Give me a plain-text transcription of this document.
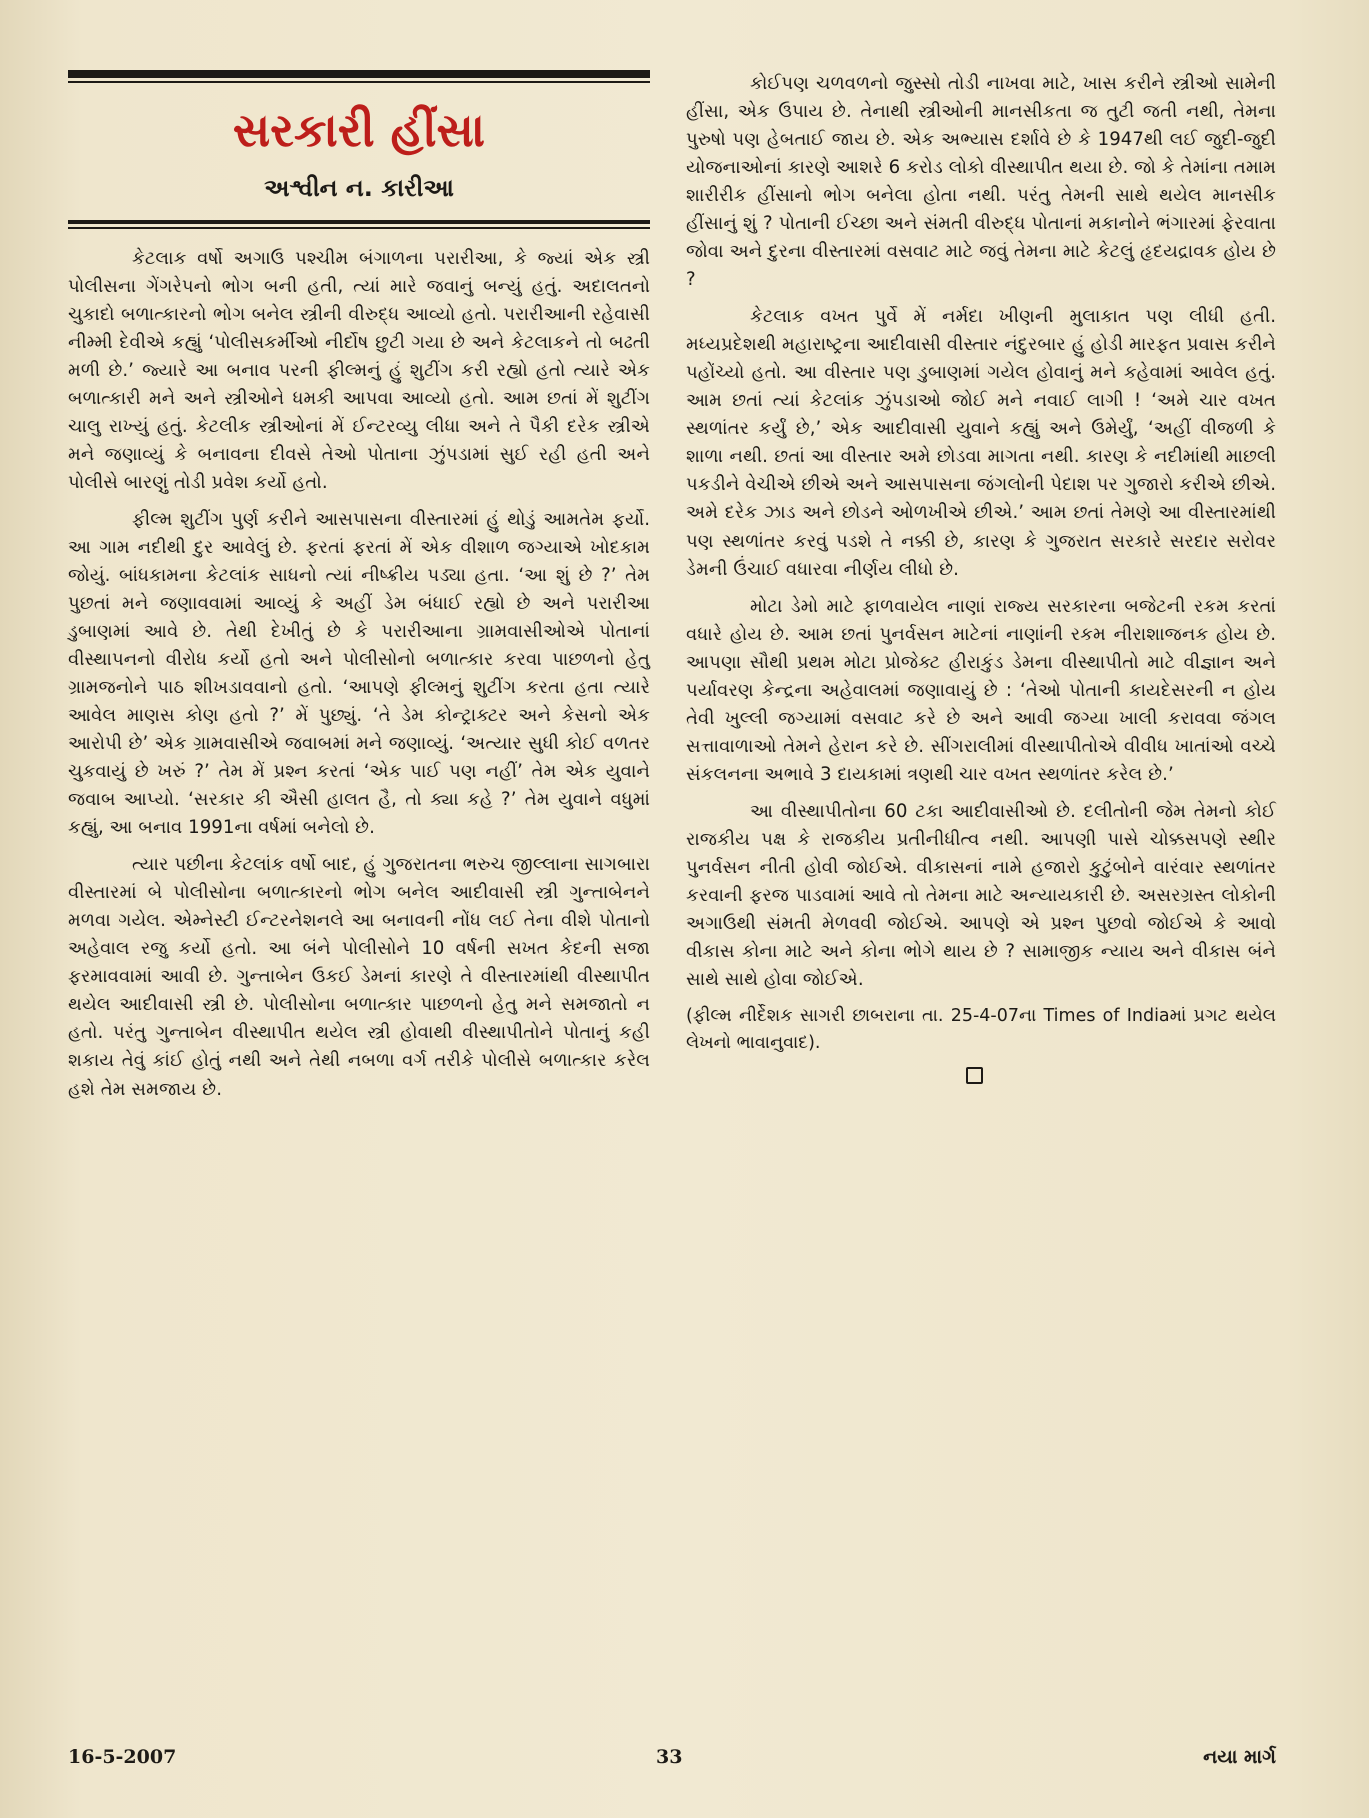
સરકારી હીંસા
અશ્વીન ન. કારીઆ

કેટલાક વર્ષો અગાઉ પશ્ચીમ બંગાળના પરારીઆ, કે જ્યાં એક સ્ત્રી પોલીસના ગેંગરેપનો ભોગ બની હતી, ત્યાં મારે જવાનું બન્યું હતું. અદાલતનો ચુકાદો બળાત્કારનો ભોગ બનેલ સ્ત્રીની વીરુદ્ધ આવ્યો હતો. પરારીઆની રહેવાસી નીમ્મી દેવીએ કહ્યું ‘પોલીસકર્મીઓ નીર્દોષ છુટી ગયા છે અને કેટલાકને તો બઢતી મળી છે.’ જ્યારે આ બનાવ પરની ફીલ્મનું હું શુટીંગ કરી રહ્યો હતો ત્યારે એક બળાત્કારી મને અને સ્ત્રીઓને ધમકી આપવા આવ્યો હતો. આમ છતાં મેં શુટીંગ ચાલુ રાખ્યું હતું. કેટલીક સ્ત્રીઓનાં મેં ઈન્ટરવ્યુ લીધા અને તે પૈકી દરેક સ્ત્રીએ મને જણાવ્યું કે બનાવના દીવસે તેઓ પોતાના ઝુંપડામાં સુઈ રહી હતી અને પોલીસે બારણું તોડી પ્રવેશ કર્યો હતો.

ફીલ્મ શુટીંગ પુર્ણ કરીને આસપાસના વીસ્તારમાં હું થોડું આમતેમ ફર્યો. આ ગામ નદીથી દુર આવેલું છે. ફરતાં ફરતાં મેં એક વીશાળ જગ્યાએ ખોદકામ જોયું. બાંધકામના કેટલાંક સાધનો ત્યાં નીષ્ક્રીય પડ્યા હતા. ‘આ શું છે ?’ તેમ પુછતાં મને જણાવવામાં આવ્યું કે અહીં ડેમ બંધાઈ રહ્યો છે અને પરારીઆ ડુબાણમાં આવે છે. તેથી દેખીતું છે કે પરારીઆના ગ્રામવાસીઓએ પોતાનાં વીસ્થાપનનો વીરોધ કર્યો હતો અને પોલીસોનો બળાત્કાર કરવા પાછળનો હેતુ ગ્રામજનોને પાઠ શીખડાવવાનો હતો. ‘આપણે ફીલ્મનું શુટીંગ કરતા હતા ત્યારે આવેલ માણસ કોણ હતો ?’ મેં પુછ્યું. ‘તે ડેમ કોન્ટ્રાક્ટર અને કેસનો એક આરોપી છે’ એક ગ્રામવાસીએ જવાબમાં મને જણાવ્યું. ‘અત્યાર સુધી કોઈ વળતર ચુકવાયું છે ખરું ?’ તેમ મેં પ્રશ્ન કરતાં ‘એક પાઈ પણ નહીં’ તેમ એક યુવાને જવાબ આપ્યો. ‘સરકાર કી ઐસી હાલત હૈ, તો ક્યા કહે ?’ તેમ યુવાને વધુમાં કહ્યું, આ બનાવ 1991ના વર્ષમાં બનેલો છે.

ત્યાર પછીના કેટલાંક વર્ષો બાદ, હું ગુજરાતના ભરુચ જીલ્લાના સાગબારા વીસ્તારમાં બે પોલીસોના બળાત્કારનો ભોગ બનેલ આદીવાસી સ્ત્રી ગુન્તાબેનને મળવા ગયેલ. એમ્નેસ્ટી ઈન્ટરનેશનલે આ બનાવની નોંધ લઈ તેના વીશે પોતાનો અહેવાલ રજુ કર્યો હતો. આ બંને પોલીસોને 10 વર્ષની સખત કેદની સજા ફરમાવવામાં આવી છે. ગુન્તાબેન ઉકઈ ડેમનાં કારણે તે વીસ્તારમાંથી વીસ્થાપીત થયેલ આદીવાસી સ્ત્રી છે. પોલીસોના બળાત્કાર પાછળનો હેતુ મને સમજાતો ન હતો. પરંતુ ગુન્તાબેન વીસ્થાપીત થયેલ સ્ત્રી હોવાથી વીસ્થાપીતોને પોતાનું કહી શકાય તેવું કાંઈ હોતું નથી અને તેથી નબળા વર્ગ તરીકે પોલીસે બળાત્કાર કરેલ હશે તેમ સમજાય છે.

કોઈપણ ચળવળનો જુસ્સો તોડી નાખવા માટે, ખાસ કરીને સ્ત્રીઓ સામેની હીંસા, એક ઉપાય છે. તેનાથી સ્ત્રીઓની માનસીકતા જ તુટી જતી નથી, તેમના પુરુષો પણ હેબતાઈ જાય છે. એક અભ્યાસ દર્શાવે છે કે 1947થી લઈ જુદી-જુદી યોજનાઓનાં કારણે આશરે 6 કરોડ લોકો વીસ્થાપીત થયા છે. જો કે તેમાંના તમામ શારીરીક હીંસાનો ભોગ બનેલા હોતા નથી. પરંતુ તેમની સાથે થયેલ માનસીક હીંસાનું શું ? પોતાની ઈચ્છા અને સંમતી વીરુદ્ધ પોતાનાં મકાનોને ભંગારમાં ફેરવાતા જોવા અને દુરના વીસ્તારમાં વસવાટ માટે જવું તેમના માટે કેટલું હૃદયદ્રાવક હોય છે ?

કેટલાક વખત પુર્વે મેં નર્મદા ખીણની મુલાકાત પણ લીધી હતી. મધ્યપ્રદેશથી મહારાષ્ટ્રના આદીવાસી વીસ્તાર નંદુરબાર હું હોડી મારફત પ્રવાસ કરીને પહોંચ્યો હતો. આ વીસ્તાર પણ ડુબાણમાં ગયેલ હોવાનું મને કહેવામાં આવેલ હતું. આમ છતાં ત્યાં કેટલાંક ઝુંપડાઓ જોઈ મને નવાઈ લાગી ! ‘અમે ચાર વખત સ્થળાંતર કર્યું છે,’ એક આદીવાસી યુવાને કહ્યું અને ઉમેર્યું, ‘અહીં વીજળી કે શાળા નથી. છતાં આ વીસ્તાર અમે છોડવા માગતા નથી. કારણ કે નદીમાંથી માછલી પકડીને વેચીએ છીએ અને આસપાસના જંગલોની પેદાશ પર ગુજારો કરીએ છીએ. અમે દરેક ઝાડ અને છોડને ઓળખીએ છીએ.’ આમ છતાં તેમણે આ વીસ્તારમાંથી પણ સ્થળાંતર કરવું પડશે તે નક્કી છે, કારણ કે ગુજરાત સરકારે સરદાર સરોવર ડેમની ઉંચાઈ વધારવા નીર્ણય લીધો છે.

મોટા ડેમો માટે ફાળવાયેલ નાણાં રાજ્ય સરકારના બજેટની રકમ કરતાં વધારે હોય છે. આમ છતાં પુનર્વસન માટેનાં નાણાંની રકમ નીરાશાજનક હોય છે. આપણા સૌથી પ્રથમ મોટા પ્રોજેક્ટ હીરાકુંડ ડેમના વીસ્થાપીતો માટે વીજ્ઞાન અને પર્યાવરણ કેન્દ્રના અહેવાલમાં જણાવાયું છે : ‘તેઓ પોતાની કાયદેસરની ન હોય તેવી ખુલ્લી જગ્યામાં વસવાટ કરે છે અને આવી જગ્યા ખાલી કરાવવા જંગલ સત્તાવાળાઓ તેમને હેરાન કરે છે. સીંગરાલીમાં વીસ્થાપીતોએ વીવીધ ખાતાંઓ વચ્ચે સંકલનના અભાવે 3 દાયકામાં ત્રણથી ચાર વખત સ્થળાંતર કરેલ છે.’

આ વીસ્થાપીતોના 60 ટકા આદીવાસીઓ છે. દલીતોની જેમ તેમનો કોઈ રાજકીય પક્ષ કે રાજકીય પ્રતીનીધીત્વ નથી. આપણી પાસે ચોક્કસપણે સ્થીર પુનર્વસન નીતી હોવી જોઈએ. વીકાસનાં નામે હજારો કુટુંબોને વારંવાર સ્થળાંતર કરવાની ફરજ પાડવામાં આવે તો તેમના માટે અન્યાયકારી છે. અસરગ્રસ્ત લોકોની અગાઉથી સંમતી મેળવવી જોઈએ. આપણે એ પ્રશ્ન પુછવો જોઈએ કે આવો વીકાસ કોના માટે અને કોના ભોગે થાય છે ? સામાજીક ન્યાય અને વીકાસ બંને સાથે સાથે હોવા જોઈએ.

(ફીલ્મ નીર્દેશક સાગરી છાબરાના તા. 25-4-07ના Times of Indiaમાં પ્રગટ થયેલ લેખનો ભાવાનુવાદ).

16-5-2007	33	નયા માર્ગ
